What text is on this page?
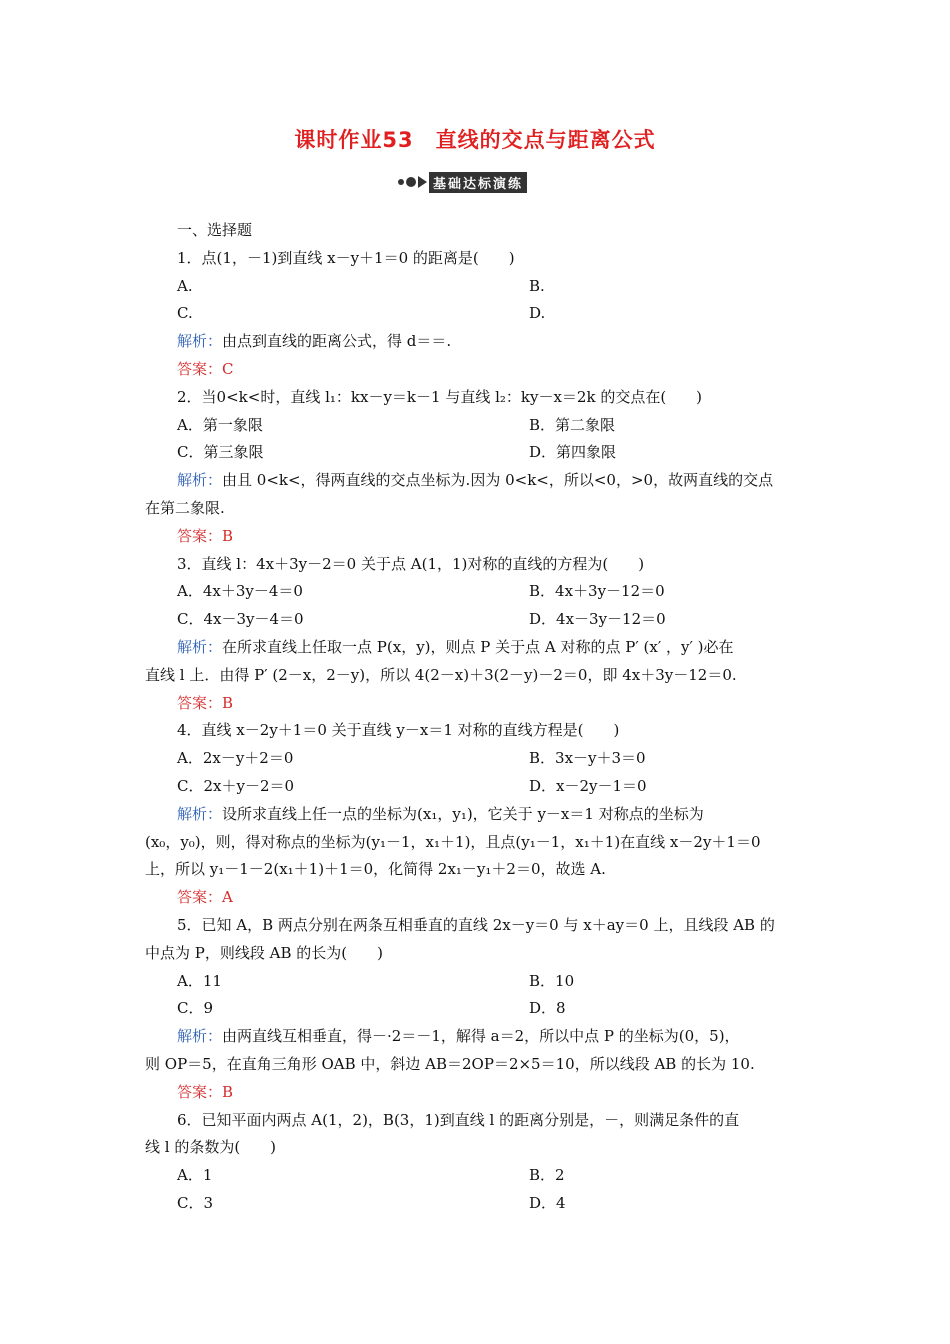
课时作业53　直线的交点与距离公式
基础达标演练
一、选择题
1．点(1，－1)到直线 x－y＋1＝0 的距离是(　　)
A.	B.
C.	D.
解析：由点到直线的距离公式，得 d＝＝.
答案：C
2．当0<k<时，直线 l₁：kx－y＝k－1 与直线 l₂：ky－x＝2k 的交点在(　　)
A．第一象限	B．第二象限
C．第三象限	D．第四象限
解析：由且 0<k<，得两直线的交点坐标为.因为 0<k<，所以<0，>0，故两直线的交点
在第二象限.
答案：B
3．直线 l：4x＋3y－2＝0 关于点 A(1，1)对称的直线的方程为(　　)
A．4x＋3y－4＝0	B．4x＋3y－12＝0
C．4x－3y－4＝0	D．4x－3y－12＝0
解析：在所求直线上任取一点 P(x，y)，则点 P 关于点 A 对称的点 P′ (x′ ，y′ )必在
直线 l 上．由得 P′ (2－x，2－y)，所以 4(2－x)＋3(2－y)－2＝0，即 4x＋3y－12＝0.
答案：B
4．直线 x－2y＋1＝0 关于直线 y－x＝1 对称的直线方程是(　　)
A．2x－y＋2＝0	B．3x－y＋3＝0
C．2x＋y－2＝0	D．x－2y－1＝0
解析：设所求直线上任一点的坐标为(x₁，y₁)，它关于 y－x＝1 对称点的坐标为
(x₀，y₀)，则，得对称点的坐标为(y₁－1，x₁＋1)，且点(y₁－1，x₁＋1)在直线 x－2y＋1＝0
上，所以 y₁－1－2(x₁＋1)＋1＝0，化简得 2x₁－y₁＋2＝0，故选 A.
答案：A
5．已知 A，B 两点分别在两条互相垂直的直线 2x－y＝0 与 x＋ay＝0 上，且线段 AB 的
中点为 P，则线段 AB 的长为(　　)
A．11	B．10
C．9	D．8
解析：由两直线互相垂直，得－·2＝－1，解得 a＝2，所以中点 P 的坐标为(0，5)，
则 OP＝5，在直角三角形 OAB 中，斜边 AB＝2OP＝2×5＝10，所以线段 AB 的长为 10.
答案：B
6．已知平面内两点 A(1，2)，B(3，1)到直线 l 的距离分别是，－，则满足条件的直
线 l 的条数为(　　)
A．1	B．2
C．3	D．4
